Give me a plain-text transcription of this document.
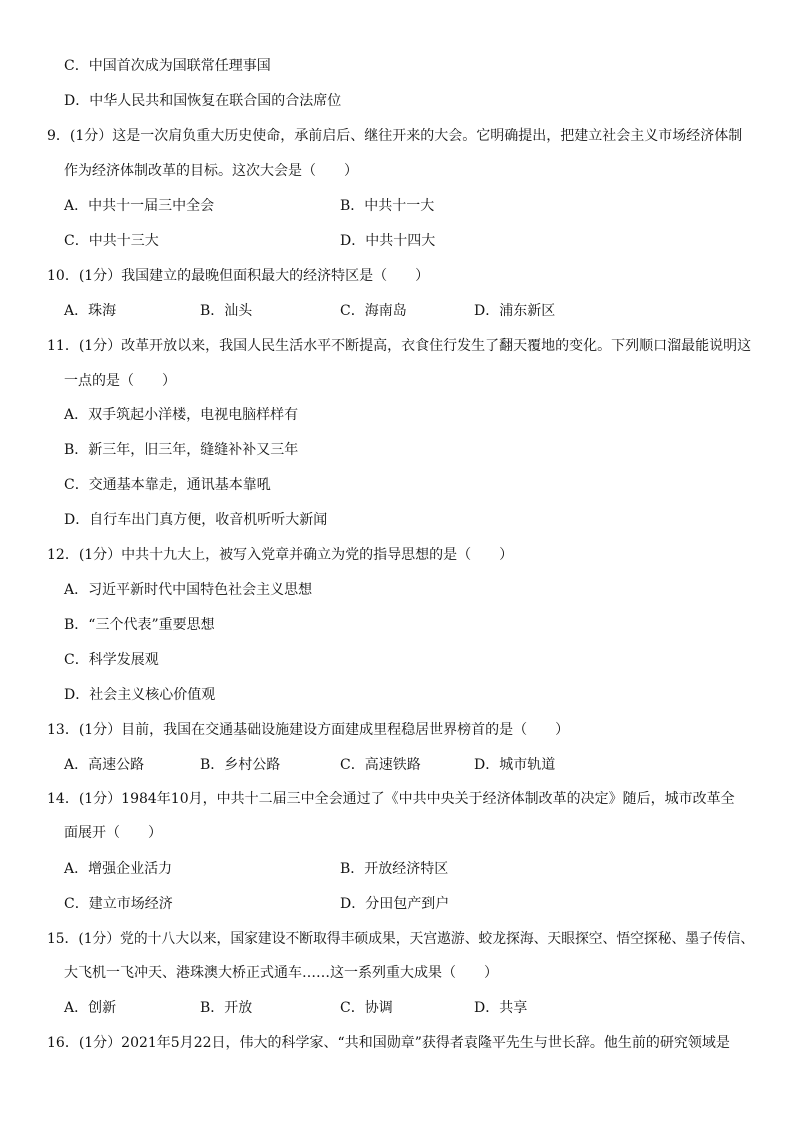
C．中国首次成为国联常任理事国
D．中华人民共和国恢复在联合国的合法席位
9．(1分）这是一次肩负重大历史使命，承前启后、继往开来的大会。它明确提出，把建立社会主义市场经济体制
作为经济体制改革的目标。这次大会是（　　）
A．中共十一届三中全会	B．中共十一大
C．中共十三大	D．中共十四大
10．(1分）我国建立的最晚但面积最大的经济特区是（　　）
A．珠海	B．汕头	C．海南岛	D．浦东新区
11．(1分）改革开放以来，我国人民生活水平不断提高，衣食住行发生了翻天覆地的变化。下列顺口溜最能说明这
一点的是（　　）
A．双手筑起小洋楼，电视电脑样样有
B．新三年，旧三年，缝缝补补又三年
C．交通基本靠走，通讯基本靠吼
D．自行车出门真方便，收音机听听大新闻
12．(1分）中共十九大上，被写入党章并确立为党的指导思想的是（　　）
A．习近平新时代中国特色社会主义思想
B．“三个代表”重要思想
C．科学发展观
D．社会主义核心价值观
13．(1分）目前，我国在交通基础设施建设方面建成里程稳居世界榜首的是（　　）
A．高速公路	B．乡村公路	C．高速铁路	D．城市轨道
14．(1分）1984年10月，中共十二届三中全会通过了《中共中央关于经济体制改革的决定》随后，城市改革全
面展开（　　）
A．增强企业活力	B．开放经济特区
C．建立市场经济	D．分田包产到户
15．(1分）党的十八大以来，国家建设不断取得丰硕成果，天宫遨游、蛟龙探海、天眼探空、悟空探秘、墨子传信、
大飞机一飞冲天、港珠澳大桥正式通车……这一系列重大成果（　　）
A．创新	B．开放	C．协调	D．共享
16．(1分）2021年5月22日，伟大的科学家、“共和国勋章”获得者袁隆平先生与世长辞。他生前的研究领域是
